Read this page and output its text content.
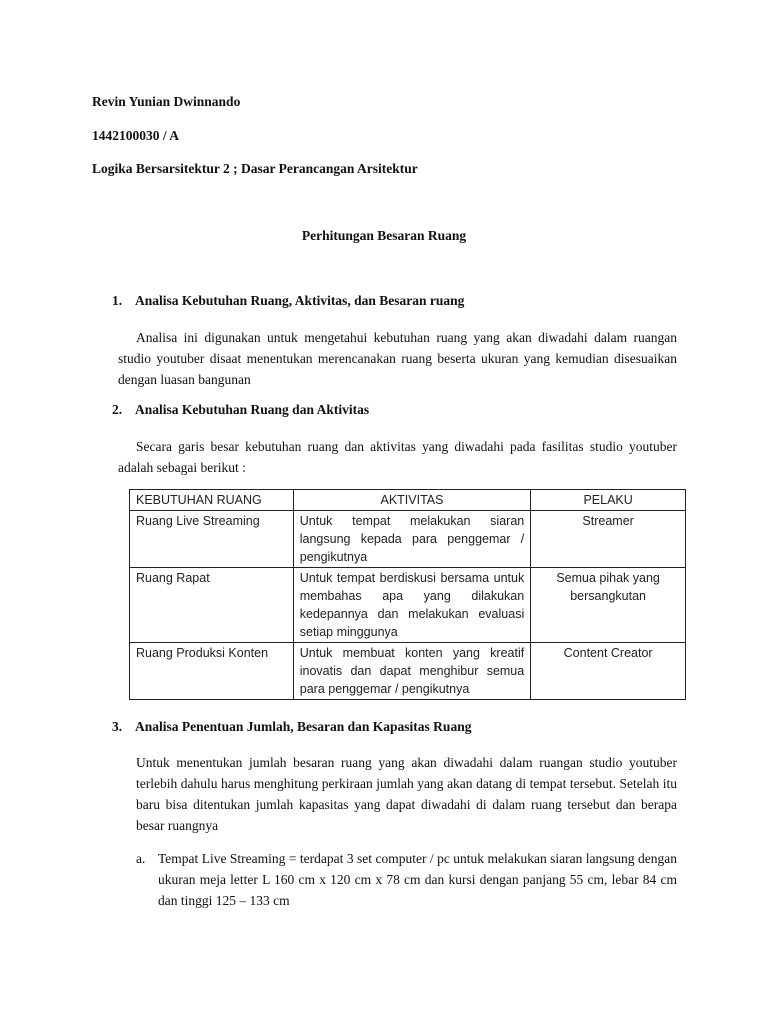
Revin Yunian Dwinnando
1442100030 / A
Logika Bersarsitektur 2 ; Dasar Perancangan Arsitektur
Perhitungan Besaran Ruang
1. Analisa Kebutuhan Ruang, Aktivitas, dan Besaran ruang
Analisa ini digunakan untuk mengetahui kebutuhan ruang yang akan diwadahi dalam ruangan studio youtuber disaat menentukan merencanakan ruang beserta ukuran yang kemudian disesuaikan dengan luasan bangunan
2. Analisa Kebutuhan Ruang dan Aktivitas
Secara garis besar kebutuhan ruang dan aktivitas yang diwadahi pada fasilitas studio youtuber adalah sebagai berikut :
KEBUTUHAN RUANG	AKTIVITAS	PELAKU
Ruang Live Streaming	Untuk tempat melakukan siaran langsung kepada para penggemar / pengikutnya	Streamer
Ruang Rapat	Untuk tempat berdiskusi bersama untuk membahas apa yang dilakukan kedepannya dan melakukan evaluasi setiap minggunya	Semua pihak yang bersangkutan
Ruang Produksi Konten	Untuk membuat konten yang kreatif inovatis dan dapat menghibur semua para penggemar / pengikutnya	Content Creator
3. Analisa Penentuan Jumlah, Besaran dan Kapasitas Ruang
Untuk menentukan jumlah besaran ruang yang akan diwadahi dalam ruangan studio youtuber terlebih dahulu harus menghitung perkiraan jumlah yang akan datang di tempat tersebut. Setelah itu baru bisa ditentukan jumlah kapasitas yang dapat diwadahi di dalam ruang tersebut dan berapa besar ruangnya
a. Tempat Live Streaming = terdapat 3 set computer / pc untuk melakukan siaran langsung dengan ukuran meja letter L 160 cm x 120 cm x 78 cm dan kursi dengan panjang 55 cm, lebar 84 cm dan tinggi 125 – 133 cm
